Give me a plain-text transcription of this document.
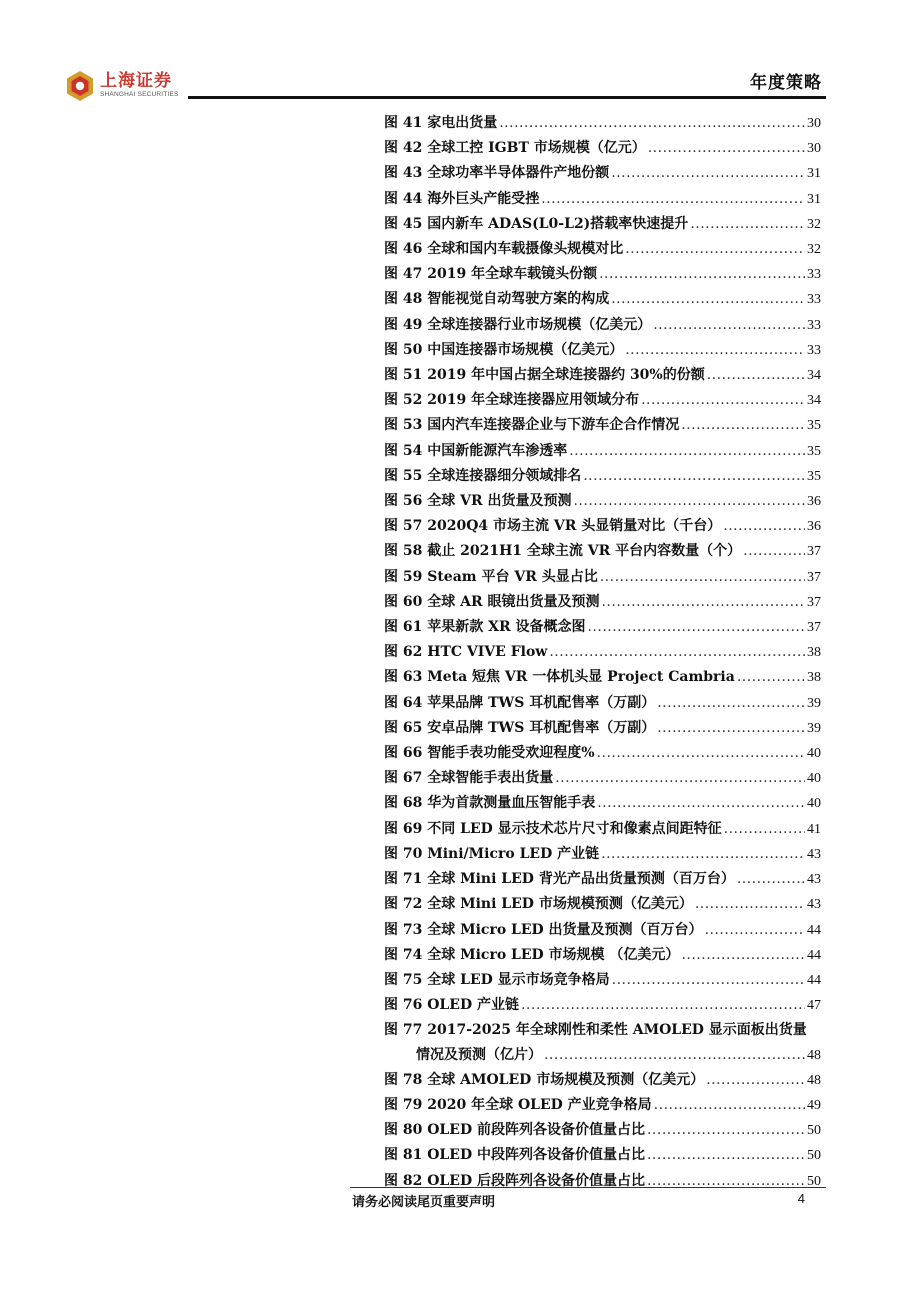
上海证券
SHANGHAI SECURITIES
年度策略
图 41 家电出货量 .....	30
图 42 全球工控 IGBT 市场规模（亿元） .....	30
图 43 全球功率半导体器件产地份额 .....	31
图 44 海外巨头产能受挫 .....	31
图 45 国内新车 ADAS(L0-L2)搭载率快速提升 .....	32
图 46 全球和国内车载摄像头规模对比 .....	32
图 47 2019 年全球车载镜头份额 .....	33
图 48 智能视觉自动驾驶方案的构成 .....	33
图 49 全球连接器行业市场规模（亿美元） .....	33
图 50 中国连接器市场规模（亿美元） .....	33
图 51 2019 年中国占据全球连接器约 30%的份额 .....	34
图 52 2019 年全球连接器应用领域分布 .....	34
图 53 国内汽车连接器企业与下游车企合作情况 .....	35
图 54 中国新能源汽车渗透率 .....	35
图 55 全球连接器细分领域排名 .....	35
图 56 全球 VR 出货量及预测 .....	36
图 57 2020Q4 市场主流 VR 头显销量对比（千台） .....	36
图 58 截止 2021H1 全球主流 VR 平台内容数量（个） .....	37
图 59 Steam 平台 VR 头显占比 .....	37
图 60 全球 AR 眼镜出货量及预测 .....	37
图 61 苹果新款 XR 设备概念图 .....	37
图 62 HTC VIVE Flow .....	38
图 63 Meta 短焦 VR 一体机头显 Project Cambria .....	38
图 64 苹果品牌 TWS 耳机配售率（万副） .....	39
图 65 安卓品牌 TWS 耳机配售率（万副） .....	39
图 66 智能手表功能受欢迎程度% .....	40
图 67 全球智能手表出货量 .....	40
图 68 华为首款测量血压智能手表 .....	40
图 69 不同 LED 显示技术芯片尺寸和像素点间距特征 .....	41
图 70 Mini/Micro LED 产业链 .....	43
图 71 全球 Mini LED 背光产品出货量预测（百万台） .....	43
图 72 全球 Mini LED 市场规模预测（亿美元） .....	43
图 73 全球 Micro LED 出货量及预测（百万台） .....	44
图 74 全球 Micro LED 市场规模 （亿美元） .....	44
图 75 全球 LED 显示市场竞争格局 .....	44
图 76 OLED 产业链 .....	47
图 77 2017-2025 年全球刚性和柔性 AMOLED 显示面板出货量
情况及预测（亿片） .....	48
图 78 全球 AMOLED 市场规模及预测（亿美元） .....	48
图 79 2020 年全球 OLED 产业竞争格局 .....	49
图 80 OLED 前段阵列各设备价值量占比 .....	50
图 81 OLED 中段阵列各设备价值量占比 .....	50
图 82 OLED 后段阵列各设备价值量占比 .....	50
请务必阅读尾页重要声明	4
